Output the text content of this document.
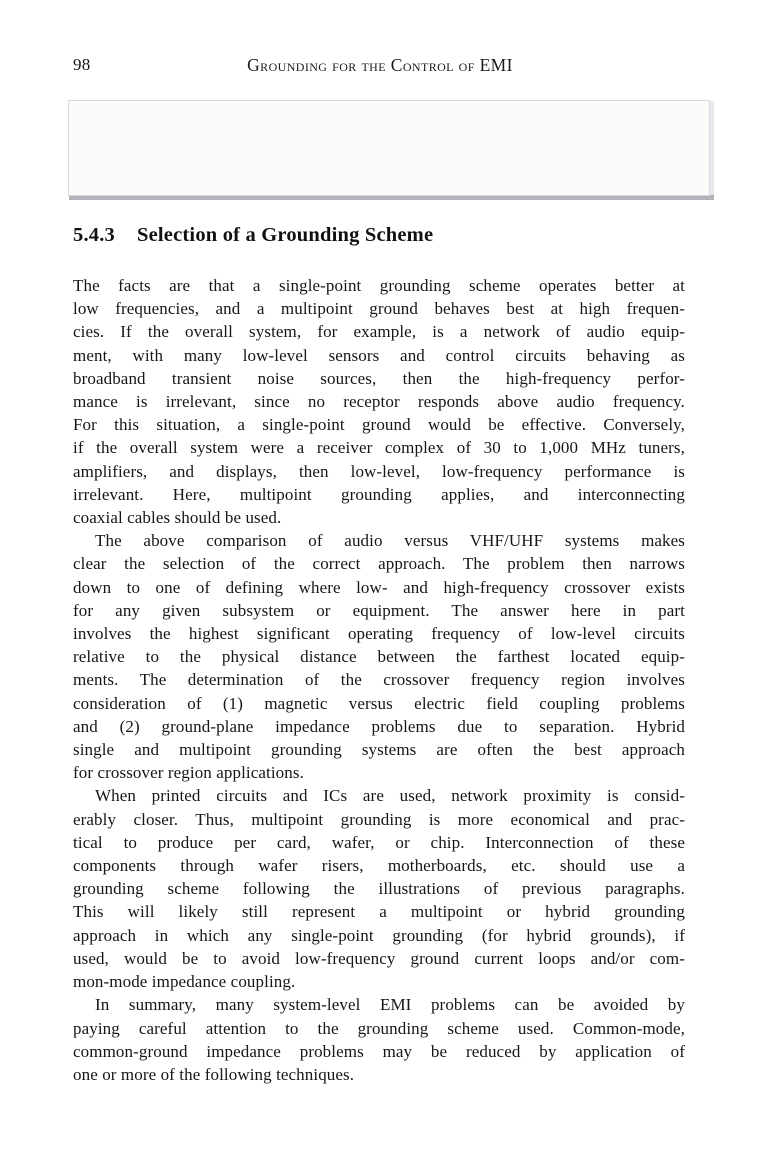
98	Grounding for the Control of EMI
5.4.3 Selection of a Grounding Scheme
The facts are that a single-point grounding scheme operates better at
low frequencies, and a multipoint ground behaves best at high frequen-
cies. If the overall system, for example, is a network of audio equip-
ment, with many low-level sensors and control circuits behaving as
broadband transient noise sources, then the high-frequency perfor-
mance is irrelevant, since no receptor responds above audio frequency.
For this situation, a single-point ground would be effective. Conversely,
if the overall system were a receiver complex of 30 to 1,000 MHz tuners,
amplifiers, and displays, then low-level, low-frequency performance is
irrelevant. Here, multipoint grounding applies, and interconnecting
coaxial cables should be used.
The above comparison of audio versus VHF/UHF systems makes
clear the selection of the correct approach. The problem then narrows
down to one of defining where low- and high-frequency crossover exists
for any given subsystem or equipment. The answer here in part
involves the highest significant operating frequency of low-level circuits
relative to the physical distance between the farthest located equip-
ments. The determination of the crossover frequency region involves
consideration of (1) magnetic versus electric field coupling problems
and (2) ground-plane impedance problems due to separation. Hybrid
single and multipoint grounding systems are often the best approach
for crossover region applications.
When printed circuits and ICs are used, network proximity is consid-
erably closer. Thus, multipoint grounding is more economical and prac-
tical to produce per card, wafer, or chip. Interconnection of these
components through wafer risers, motherboards, etc. should use a
grounding scheme following the illustrations of previous paragraphs.
This will likely still represent a multipoint or hybrid grounding
approach in which any single-point grounding (for hybrid grounds), if
used, would be to avoid low-frequency ground current loops and/or com-
mon-mode impedance coupling.
In summary, many system-level EMI problems can be avoided by
paying careful attention to the grounding scheme used. Common-mode,
common-ground impedance problems may be reduced by application of
one or more of the following techniques.
